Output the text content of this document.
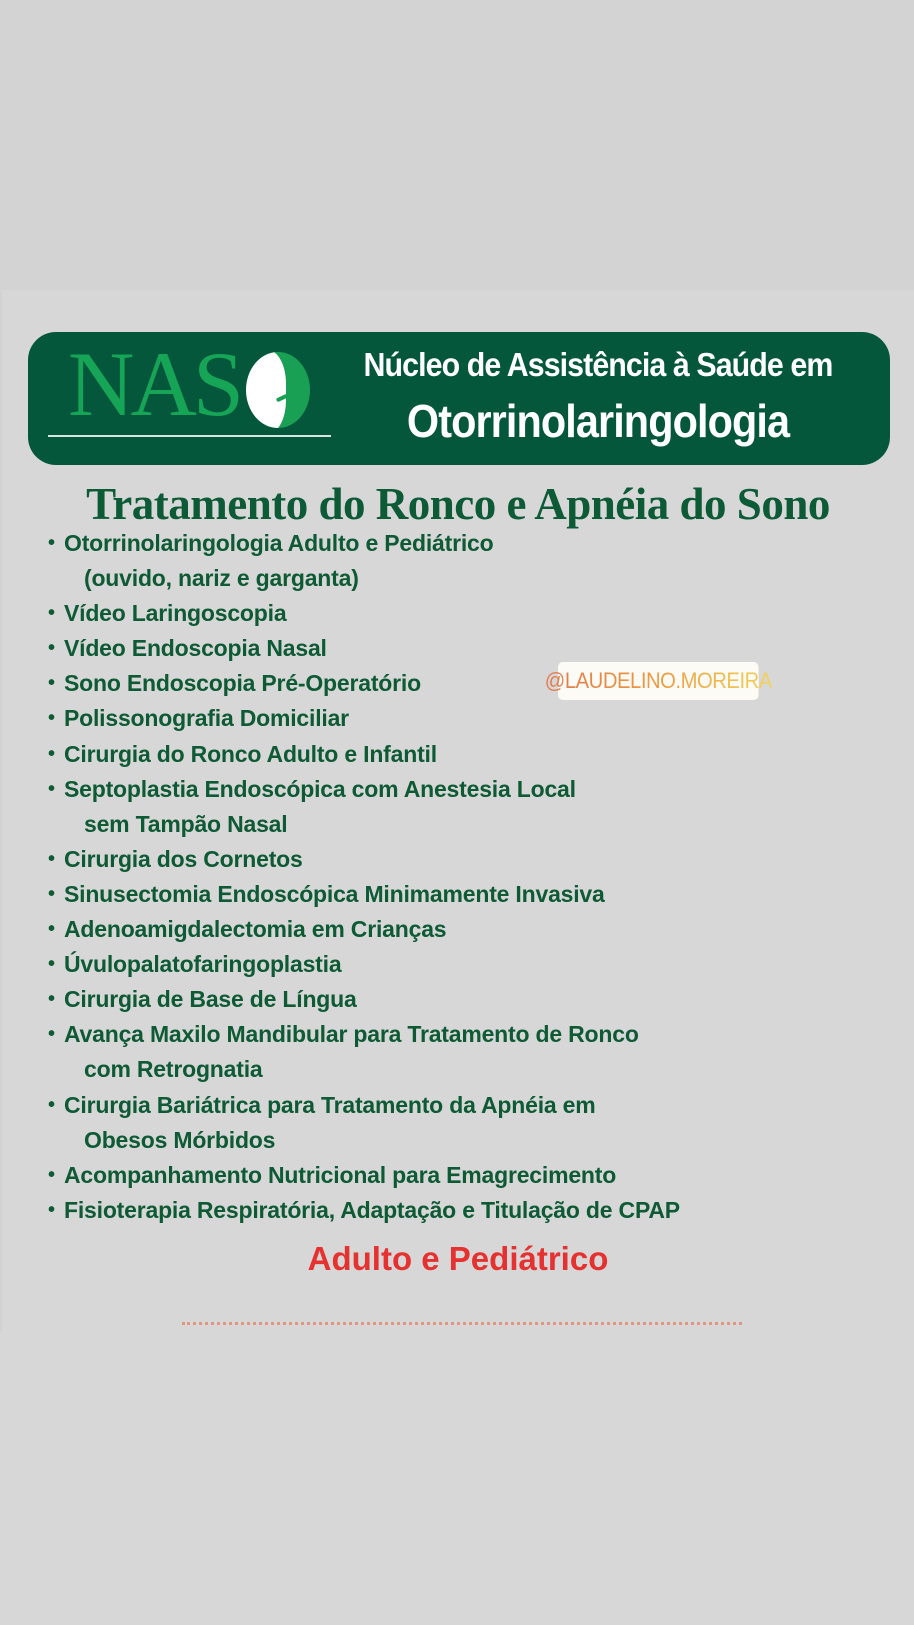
NAS	Núcleo de Assistência à Saúde em
Otorrinolaringologia
Tratamento do Ronco e Apnéia do Sono
• Otorrinolaringologia Adulto e Pediátrico
(ouvido, nariz e garganta)
• Vídeo Laringoscopia
• Vídeo Endoscopia Nasal
• Sono Endoscopia Pré-Operatório
• Polissonografia Domiciliar
• Cirurgia do Ronco Adulto e Infantil
• Septoplastia Endoscópica com Anestesia Local
sem Tampão Nasal
• Cirurgia dos Cornetos
• Sinusectomia Endoscópica Minimamente Invasiva
• Adenoamigdalectomia em Crianças
• Úvulopalatofaringoplastia
• Cirurgia de Base de Língua
• Avança Maxilo Mandibular para Tratamento de Ronco
com Retrognatia
• Cirurgia Bariátrica para Tratamento da Apnéia em
Obesos Mórbidos
• Acompanhamento Nutricional para Emagrecimento
• Fisioterapia Respiratória, Adaptação e Titulação de CPAP
@LAUDELINO.MOREIRA
Adulto e Pediátrico
